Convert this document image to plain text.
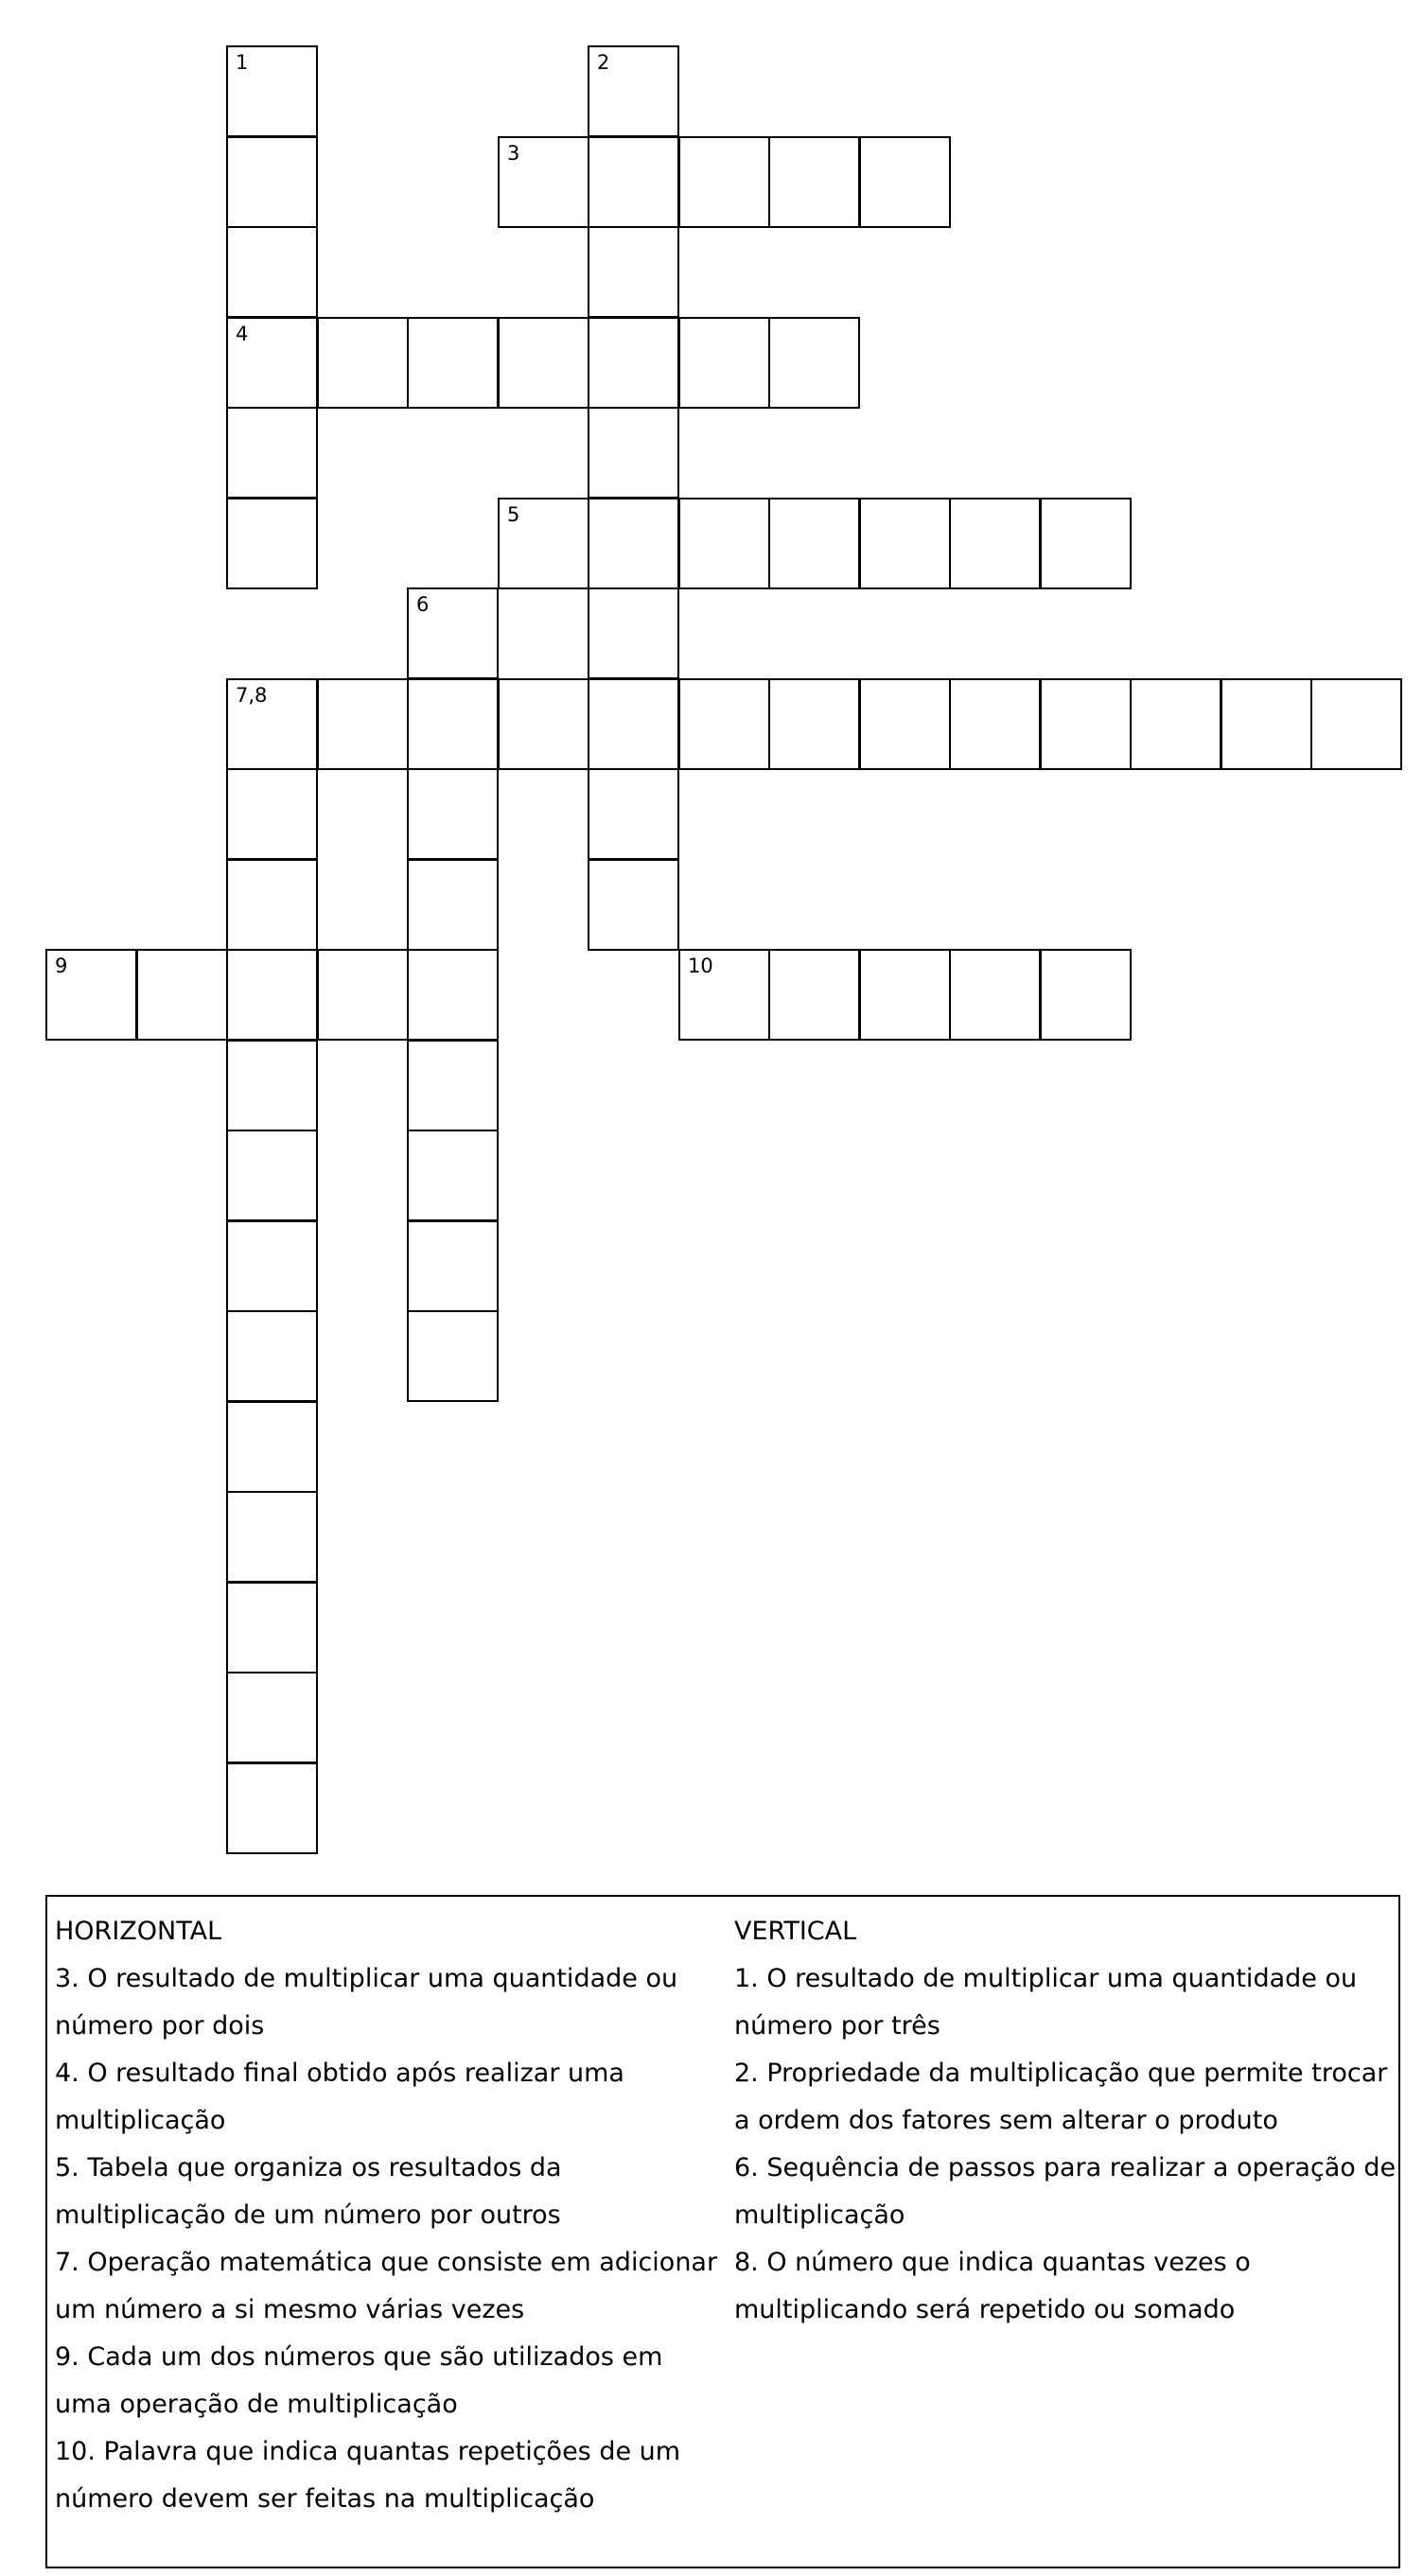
1
4
2
3
5
6
7,8
9	10
HORIZONTAL
3. O resultado de multiplicar uma quantidade ou
número por dois
4. O resultado final obtido após realizar uma
multiplicação
5. Tabela que organiza os resultados da
multiplicação de um número por outros
7. Operação matemática que consiste em adicionar
um número a si mesmo várias vezes
9. Cada um dos números que são utilizados em
uma operação de multiplicação
10. Palavra que indica quantas repetições de um
número devem ser feitas na multiplicação
VERTICAL
1. O resultado de multiplicar uma quantidade ou
número por três
2. Propriedade da multiplicação que permite trocar
a ordem dos fatores sem alterar o produto
6. Sequência de passos para realizar a operação de
multiplicação
8. O número que indica quantas vezes o
multiplicando será repetido ou somado
